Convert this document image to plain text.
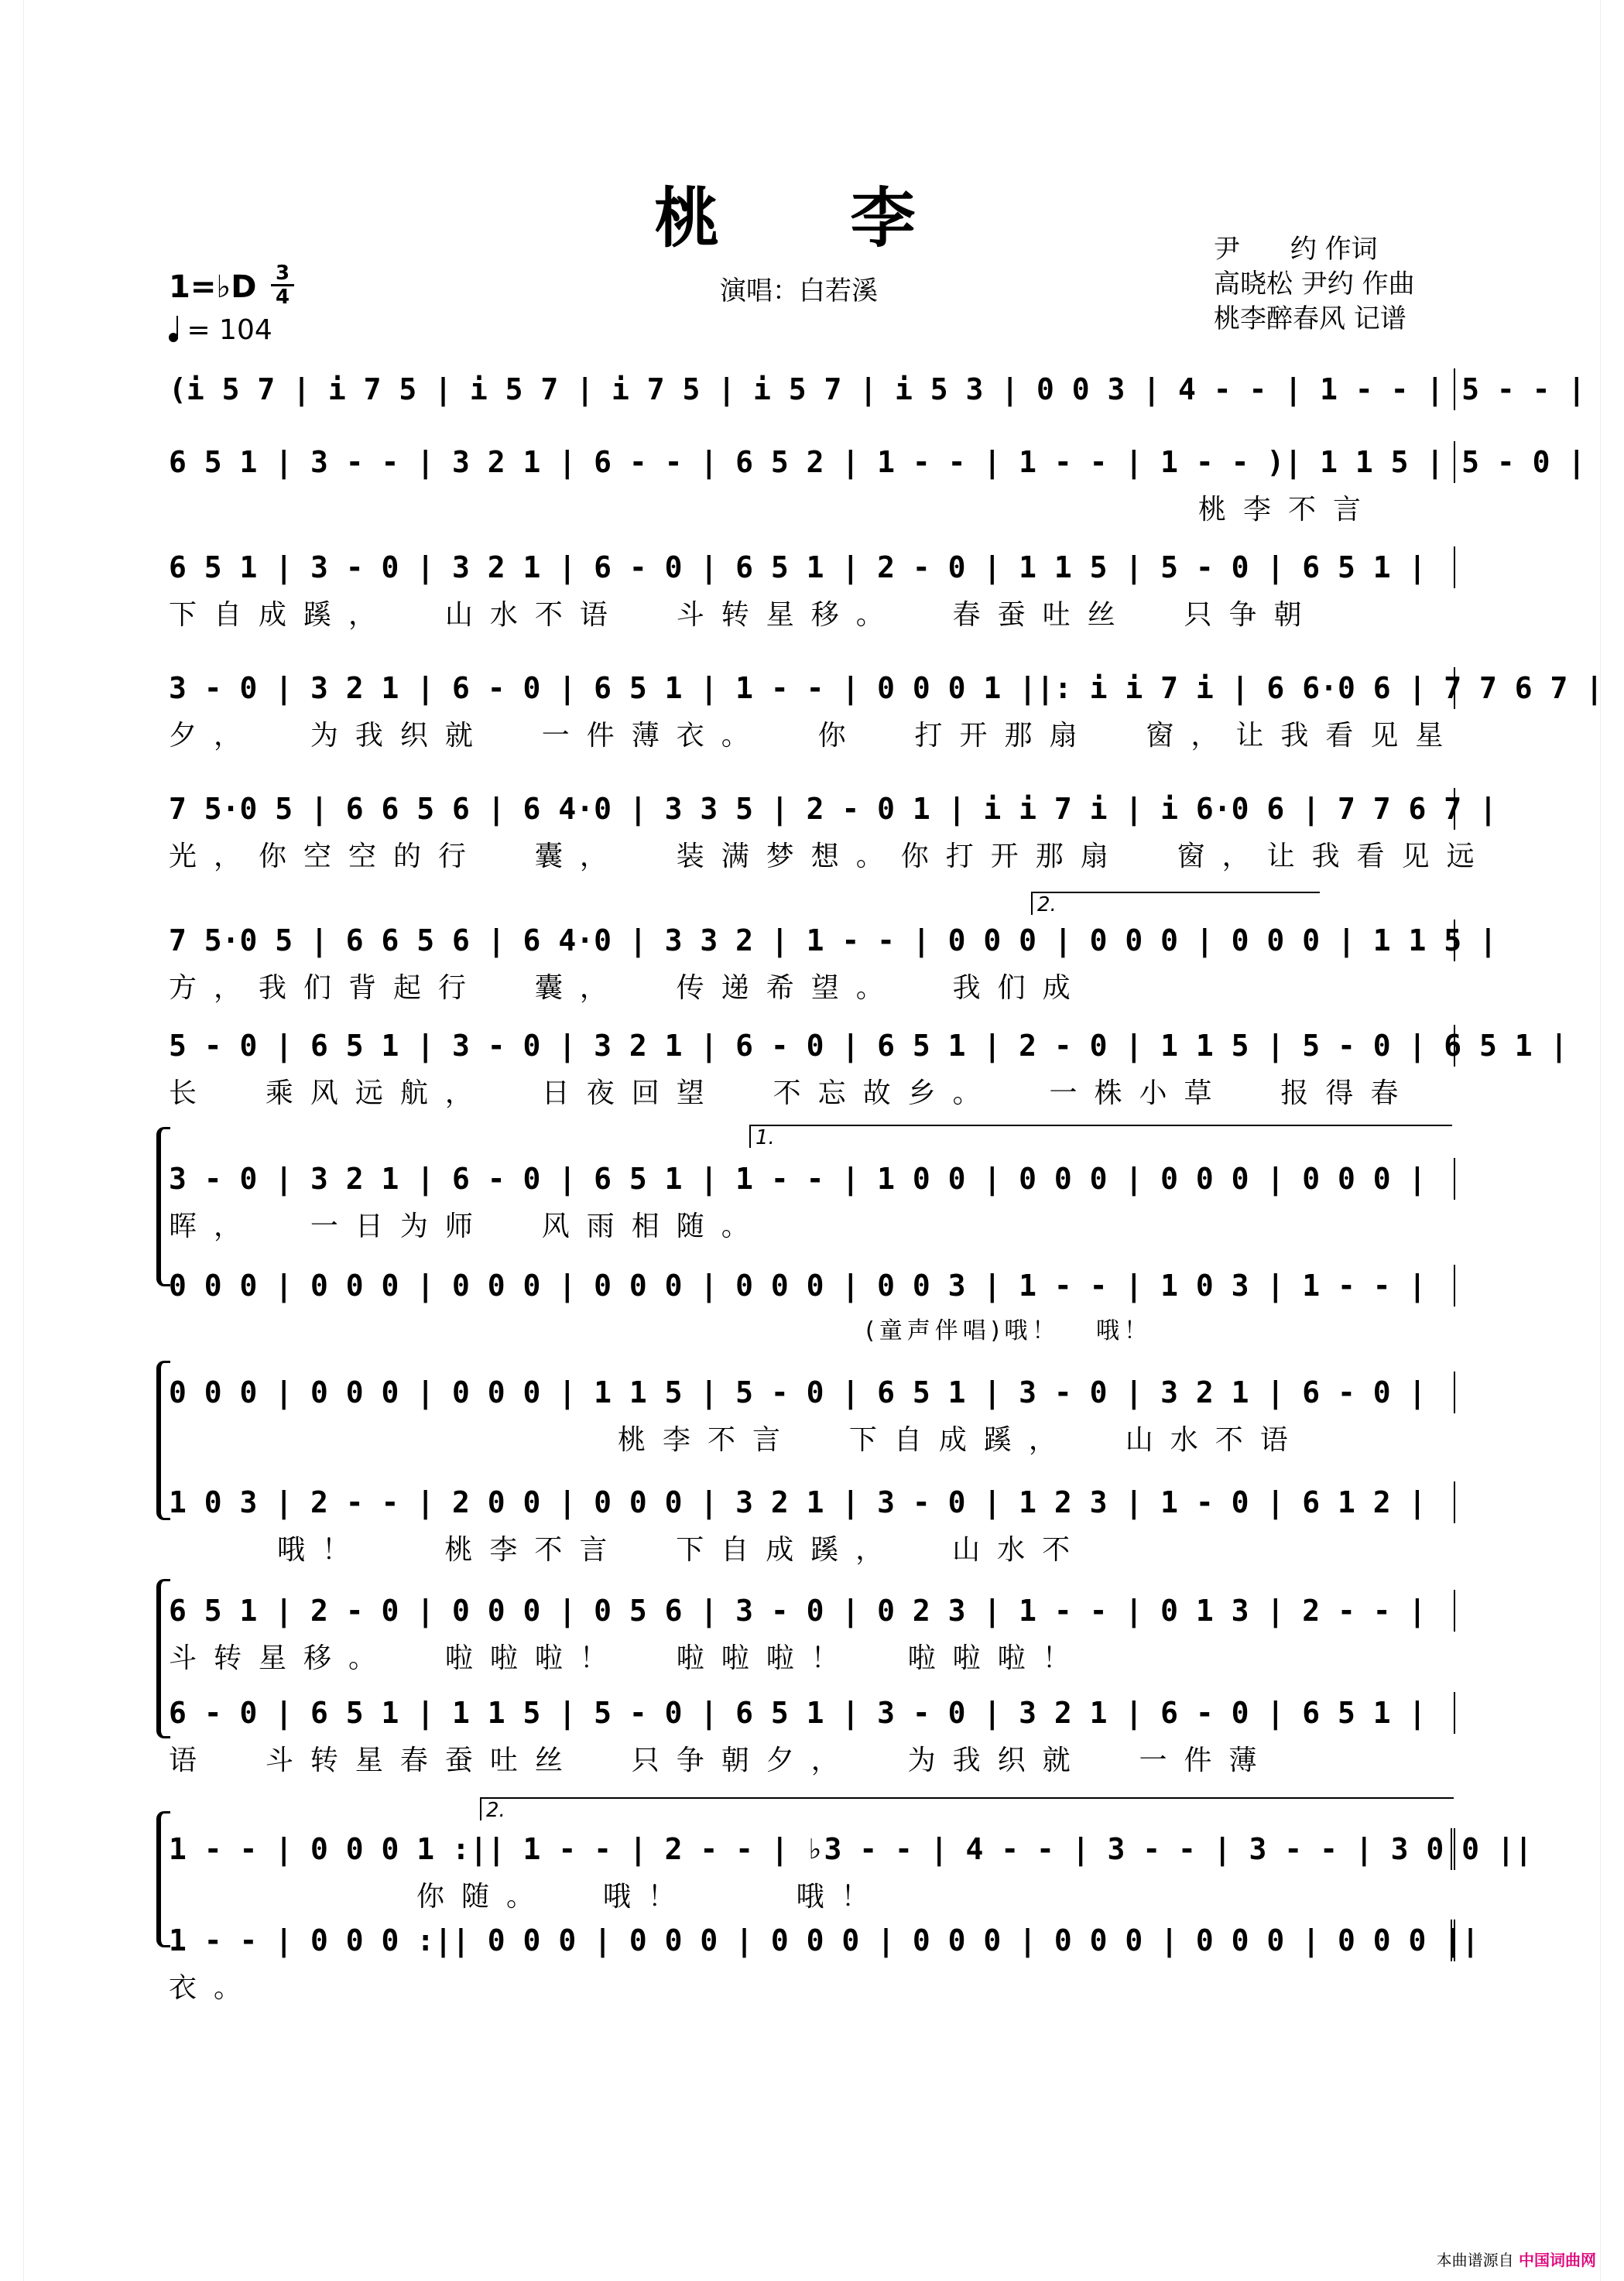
桃 李
演唱：白若溪
尹      约 作词
高晓松 尹约 作曲
桃李醉春风 记谱
1=♭D 3
4
= 104
2.
1.
2.
(i 5 7 | i 7 5 | i 5 7 | i 7 5 | i 5 7 | i 5 3 | 0 0 3 | 4 - - | 1 - - | 5 - - |
6 5 1 | 3 - - | 3 2 1 | 6 - - | 6 5 2 | 1 - - | 1 - - | 1 - - )| 1 1 5 | 5 - 0 |
桃李不言
6 5 1 | 3 - 0 | 3 2 1 | 6 - 0 | 6 5 1 | 2 - 0 | 1 1 5 | 5 - 0 | 6 5 1 |
下自成蹊，  山水不语  斗转星移。  春蚕吐丝  只争朝
3 - 0 | 3 2 1 | 6 - 0 | 6 5 1 | 1 - - | 0 0 0 1 ||: i i 7 i | 6 6·0 6 | 7 7 6 7 |
夕，  为我织就  一件薄衣。  你  打开那扇  窗，让我看见星
7 5·0 5 | 6 6 5 6 | 6 4·0 | 3 3 5 | 2 - 0 1 | i i 7 i | i 6·0 6 | 7 7 6 7 |
光，你空空的行  囊，  装满梦想。你打开那扇  窗，让我看见远
7 5·0 5 | 6 6 5 6 | 6 4·0 | 3 3 2 | 1 - - | 0 0 0 | 0 0 0 | 0 0 0 | 1 1 5 |
方，我们背起行  囊，  传递希望。  我们成
5 - 0 | 6 5 1 | 3 - 0 | 3 2 1 | 6 - 0 | 6 5 1 | 2 - 0 | 1 1 5 | 5 - 0 | 6 5 1 |
长  乘风远航，  日夜回望  不忘故乡。  一株小草  报得春
3 - 0 | 3 2 1 | 6 - 0 | 6 5 1 | 1 - - | 1 0 0 | 0 0 0 | 0 0 0 | 0 0 0 |
晖，  一日为师  风雨相随。
0 0 0 | 0 0 0 | 0 0 0 | 0 0 0 | 0 0 0 | 0 0 3 | 1 - - | 1 0 3 | 1 - - |
(童声伴唱)哦！   哦！
0 0 0 | 0 0 0 | 0 0 0 | 1 1 5 | 5 - 0 | 6 5 1 | 3 - 0 | 3 2 1 | 6 - 0 |
桃李不言  下自成蹊，  山水不语
1 0 3 | 2 - - | 2 0 0 | 0 0 0 | 3 2 1 | 3 - 0 | 1 2 3 | 1 - 0 | 6 1 2 |
哦！   桃李不言  下自成蹊，  山水不
6 5 1 | 2 - 0 | 0 0 0 | 0 5 6 | 3 - 0 | 0 2 3 | 1 - - | 0 1 3 | 2 - - |
斗转星移。  啦啦啦！  啦啦啦！  啦啦啦！
6 - 0 | 6 5 1 | 1 1 5 | 5 - 0 | 6 5 1 | 3 - 0 | 3 2 1 | 6 - 0 | 6 5 1 |
语  斗转星春蚕吐丝  只争朝夕，  为我织就  一件薄
1 - - | 0 0 0 1 :|| 1 - - | 2 - - | ♭3 - - | 4 - - | 3 - - | 3 - - | 3 0 0 ||
你随。  哦！    哦！
1 - - | 0 0 0 :|| 0 0 0 | 0 0 0 | 0 0 0 | 0 0 0 | 0 0 0 | 0 0 0 | 0 0 0 ||
衣。
本曲谱源自 中国词曲网
